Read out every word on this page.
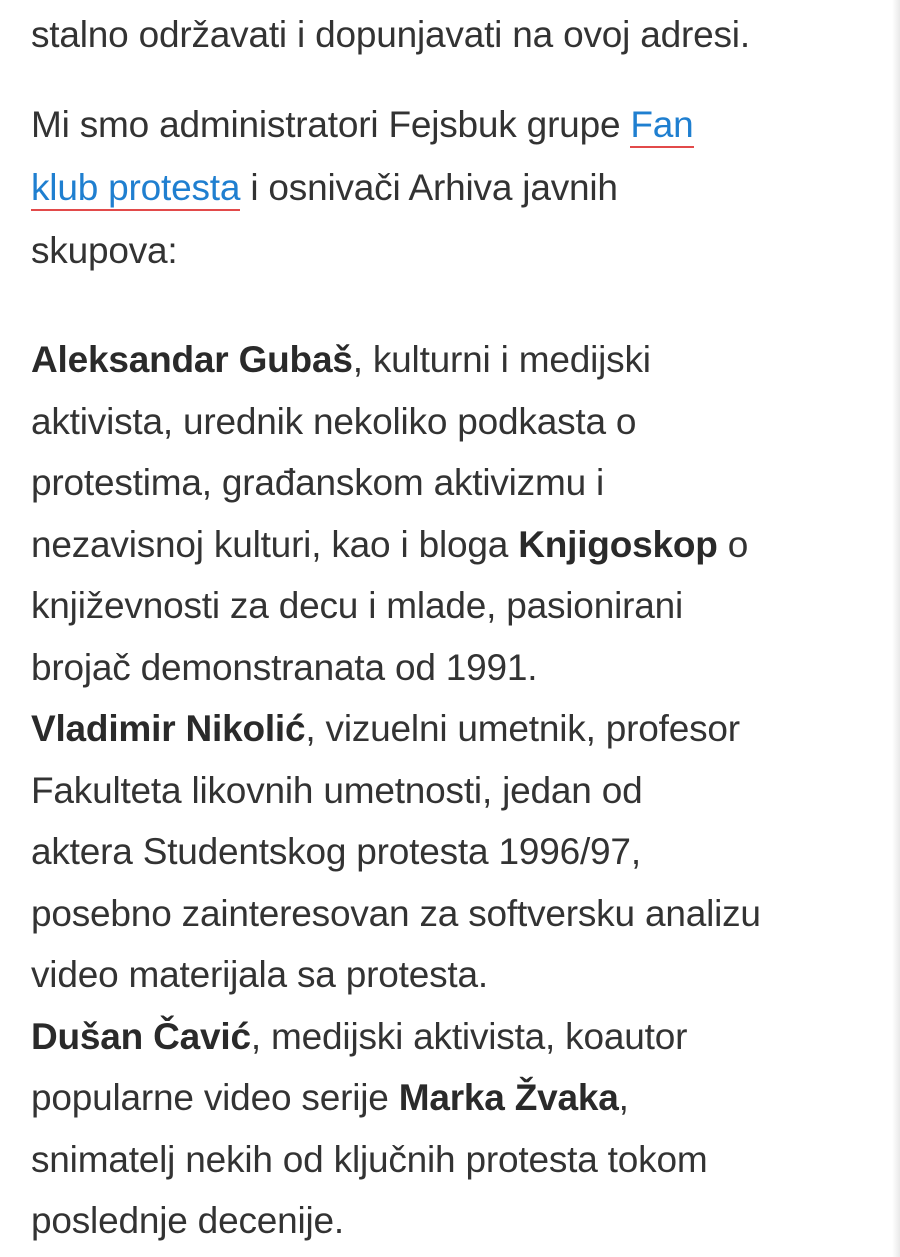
stalno održavati i dopunjavati na ovoj adresi.

Mi smo administratori Fejsbuk grupe Fan
klub protesta i osnivači Arhiva javnih
skupova:

Aleksandar Gubaš, kulturni i medijski
aktivista, urednik nekoliko podkasta o
protestima, građanskom aktivizmu i
nezavisnoj kulturi, kao i bloga Knjigoskop o
književnosti za decu i mlade, pasionirani
brojač demonstranata od 1991.
Vladimir Nikolić, vizuelni umetnik, profesor
Fakulteta likovnih umetnosti, jedan od
aktera Studentskog protesta 1996/97,
posebno zainteresovan za softversku analizu
video materijala sa protesta.
Dušan Čavić, medijski aktivista, koautor
popularne video serije Marka Žvaka,
snimatelj nekih od ključnih protesta tokom
poslednje decenije.
